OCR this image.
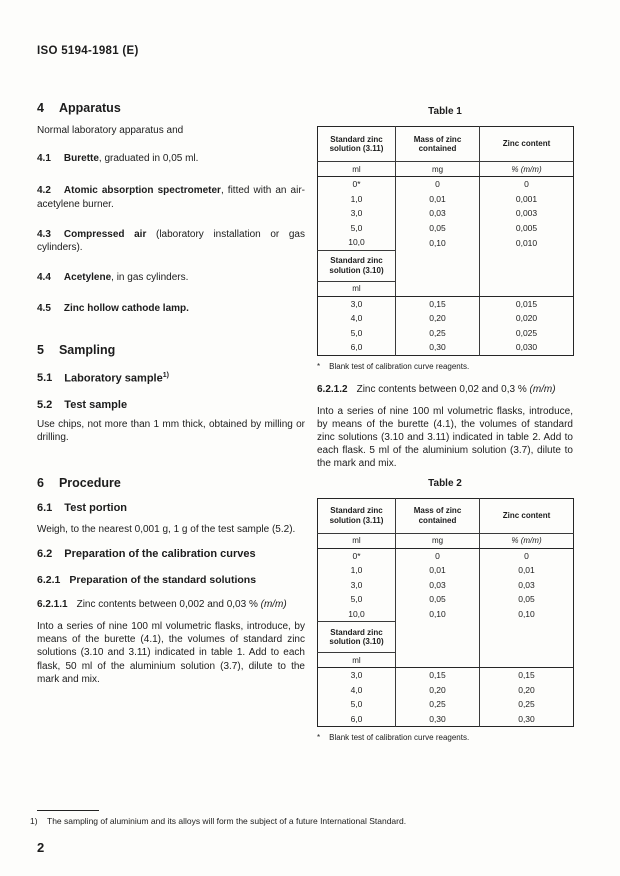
ISO 5194-1981 (E)

4 Apparatus

Normal laboratory apparatus and

4.1 Burette, graduated in 0,05 ml.

4.2 Atomic absorption spectrometer, fitted with an air-acetylene burner.

4.3 Compressed air (laboratory installation or gas cylinders).

4.4 Acetylene, in gas cylinders.

4.5 Zinc hollow cathode lamp.

5 Sampling

5.1 Laboratory sample$^{1)}$

5.2 Test sample

Use chips, not more than 1 mm thick, obtained by milling or drilling.

6 Procedure

6.1 Test portion

Weigh, to the nearest 0,001 g, 1 g of the test sample (5.2).

6.2 Preparation of the calibration curves

6.2.1 Preparation of the standard solutions

6.2.1.1 Zinc contents between 0,002 and 0,03 % (m/m)

Into a series of nine 100 ml volumetric flasks, introduce, by means of the burette (4.1), the volumes of standard zinc solutions (3.10 and 3.11) indicated in table 1. Add to each flask, 50 ml of the aluminium solution (3.7), dilute to the mark and mix.

Table 1
Standard zinc solution (3.11)	Mass of zinc contained	Zinc content
ml	mg	% (m/m)
0*	0	0
1,0	0,01	0,001
3,0	0,03	0,003
5,0	0,05	0,005
10,0	0,10	0,010
Standard zinc solution (3.10)		
ml		
3,0	0,15	0,015
4,0	0,20	0,020
5,0	0,25	0,025
6,0	0,30	0,030
* Blank test of calibration curve reagents.

6.2.1.2 Zinc contents between 0,02 and 0,3 % (m/m)

Into a series of nine 100 ml volumetric flasks, introduce, by means of the burette (4.1), the volumes of standard zinc solutions (3.10 and 3.11) indicated in table 2. Add to each flask. 5 ml of the aluminium solution (3.7), dilute to the mark and mix.

Table 2
Standard zinc solution (3.11)	Mass of zinc contained	Zinc content
ml	mg	% (m/m)
0*	0	0
1,0	0,01	0,01
3,0	0,03	0,03
5,0	0,05	0,05
10,0	0,10	0,10
Standard zinc solution (3.10)		
ml		
3,0	0,15	0,15
4,0	0,20	0,20
5,0	0,25	0,25
6,0	0,30	0,30
* Blank test of calibration curve reagents.
1)	The sampling of aluminium and its alloys will form the subject of a future International Standard.
2
